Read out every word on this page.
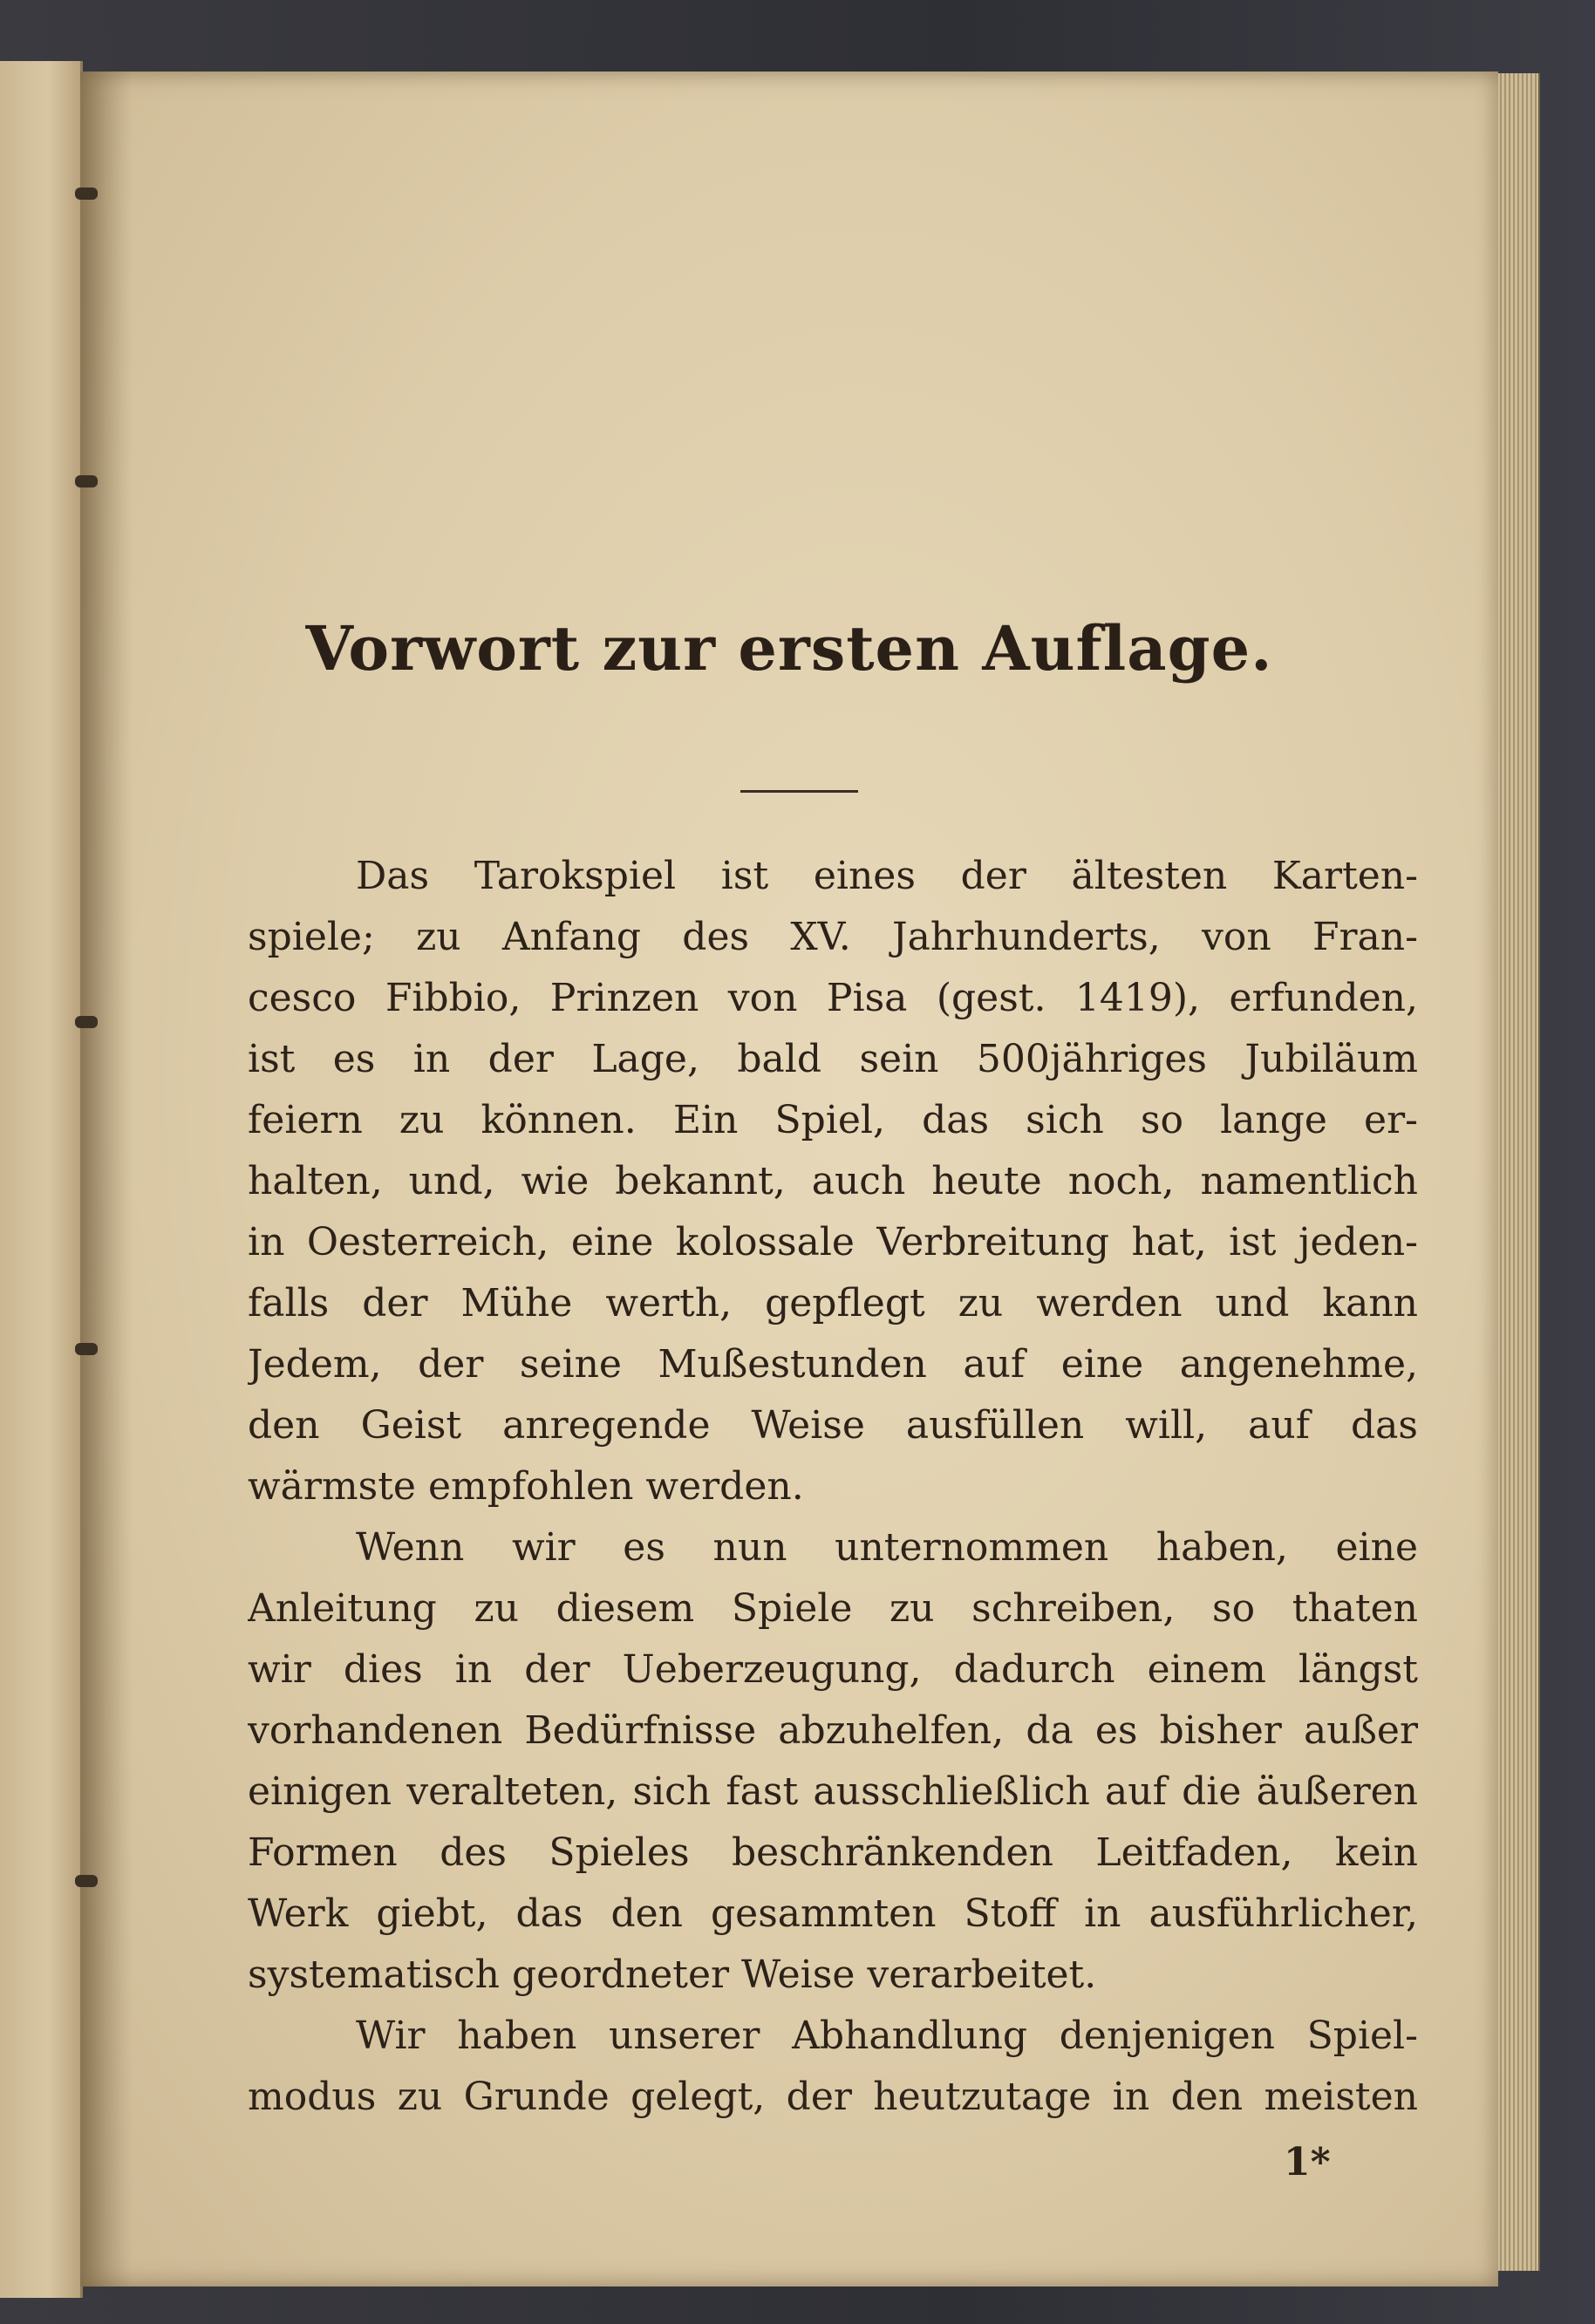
Vorwort zur ersten Auflage.
Das Tarokspiel ist eines der ältesten Karten-
spiele; zu Anfang des XV. Jahrhunderts, von Fran-
cesco Fibbio, Prinzen von Pisa (gest. 1419), erfunden,
ist es in der Lage, bald sein 500jähriges Jubiläum
feiern zu können. Ein Spiel, das sich so lange er-
halten, und, wie bekannt, auch heute noch, namentlich
in Oesterreich, eine kolossale Verbreitung hat, ist jeden-
falls der Mühe werth, gepflegt zu werden und kann
Jedem, der seine Mußestunden auf eine angenehme,
den Geist anregende Weise ausfüllen will, auf das
wärmste empfohlen werden.
Wenn wir es nun unternommen haben, eine
Anleitung zu diesem Spiele zu schreiben, so thaten
wir dies in der Ueberzeugung, dadurch einem längst
vorhandenen Bedürfnisse abzuhelfen, da es bisher außer
einigen veralteten, sich fast ausschließlich auf die äußeren
Formen des Spieles beschränkenden Leitfaden, kein
Werk giebt, das den gesammten Stoff in ausführlicher,
systematisch geordneter Weise verarbeitet.
Wir haben unserer Abhandlung denjenigen Spiel-
modus zu Grunde gelegt, der heutzutage in den meisten
1*
